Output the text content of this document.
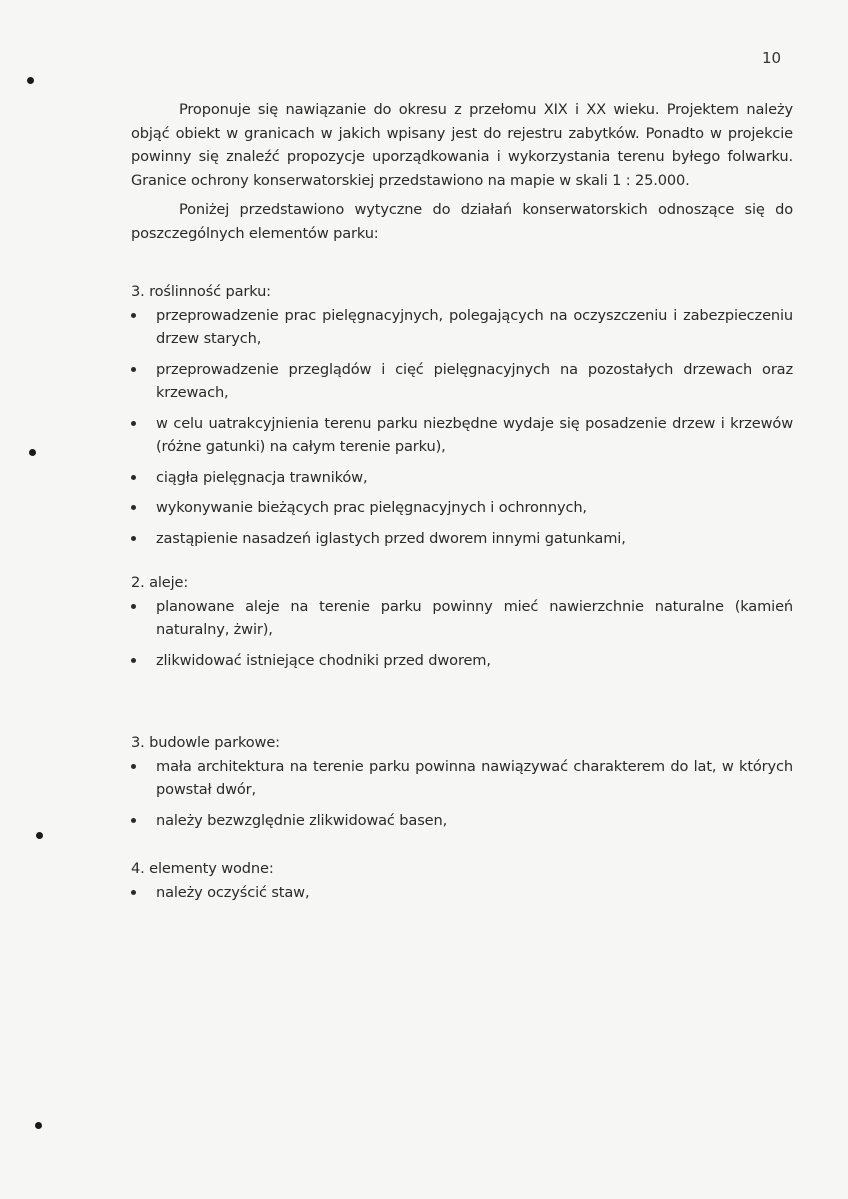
10

Proponuje się nawiązanie do okresu z przełomu XIX i XX wieku. Projektem należy objąć obiekt w granicach w jakich wpisany jest do rejestru zabytków. Ponadto w projekcie powinny się znaleźć propozycje uporządkowania i wykorzystania terenu byłego folwarku. Granice ochrony konserwatorskiej przedstawiono na mapie w skali 1 : 25.000.

Poniżej przedstawiono wytyczne do działań konserwatorskich odnoszące się do poszczególnych elementów parku:

3. roślinność parku:
przeprowadzenie prac pielęgnacyjnych, polegających na oczyszczeniu i zabezpieczeniu drzew starych,
przeprowadzenie przeglądów i cięć pielęgnacyjnych na pozostałych drzewach oraz krzewach,
w celu uatrakcyjnienia terenu parku niezbędne wydaje się posadzenie drzew i krzewów (różne gatunki) na całym terenie parku),
ciągła pielęgnacja trawników,
wykonywanie bieżących prac pielęgnacyjnych i ochronnych,
zastąpienie nasadzeń iglastych przed dworem innymi gatunkami,
2. aleje:
planowane aleje na terenie parku powinny mieć nawierzchnie naturalne (kamień naturalny, żwir),
zlikwidować istniejące chodniki przed dworem,
3. budowle parkowe:
mała architektura na terenie parku powinna nawiązywać charakterem do lat, w których powstał dwór,
należy bezwzględnie zlikwidować basen,
4. elementy wodne:
należy oczyścić staw,
